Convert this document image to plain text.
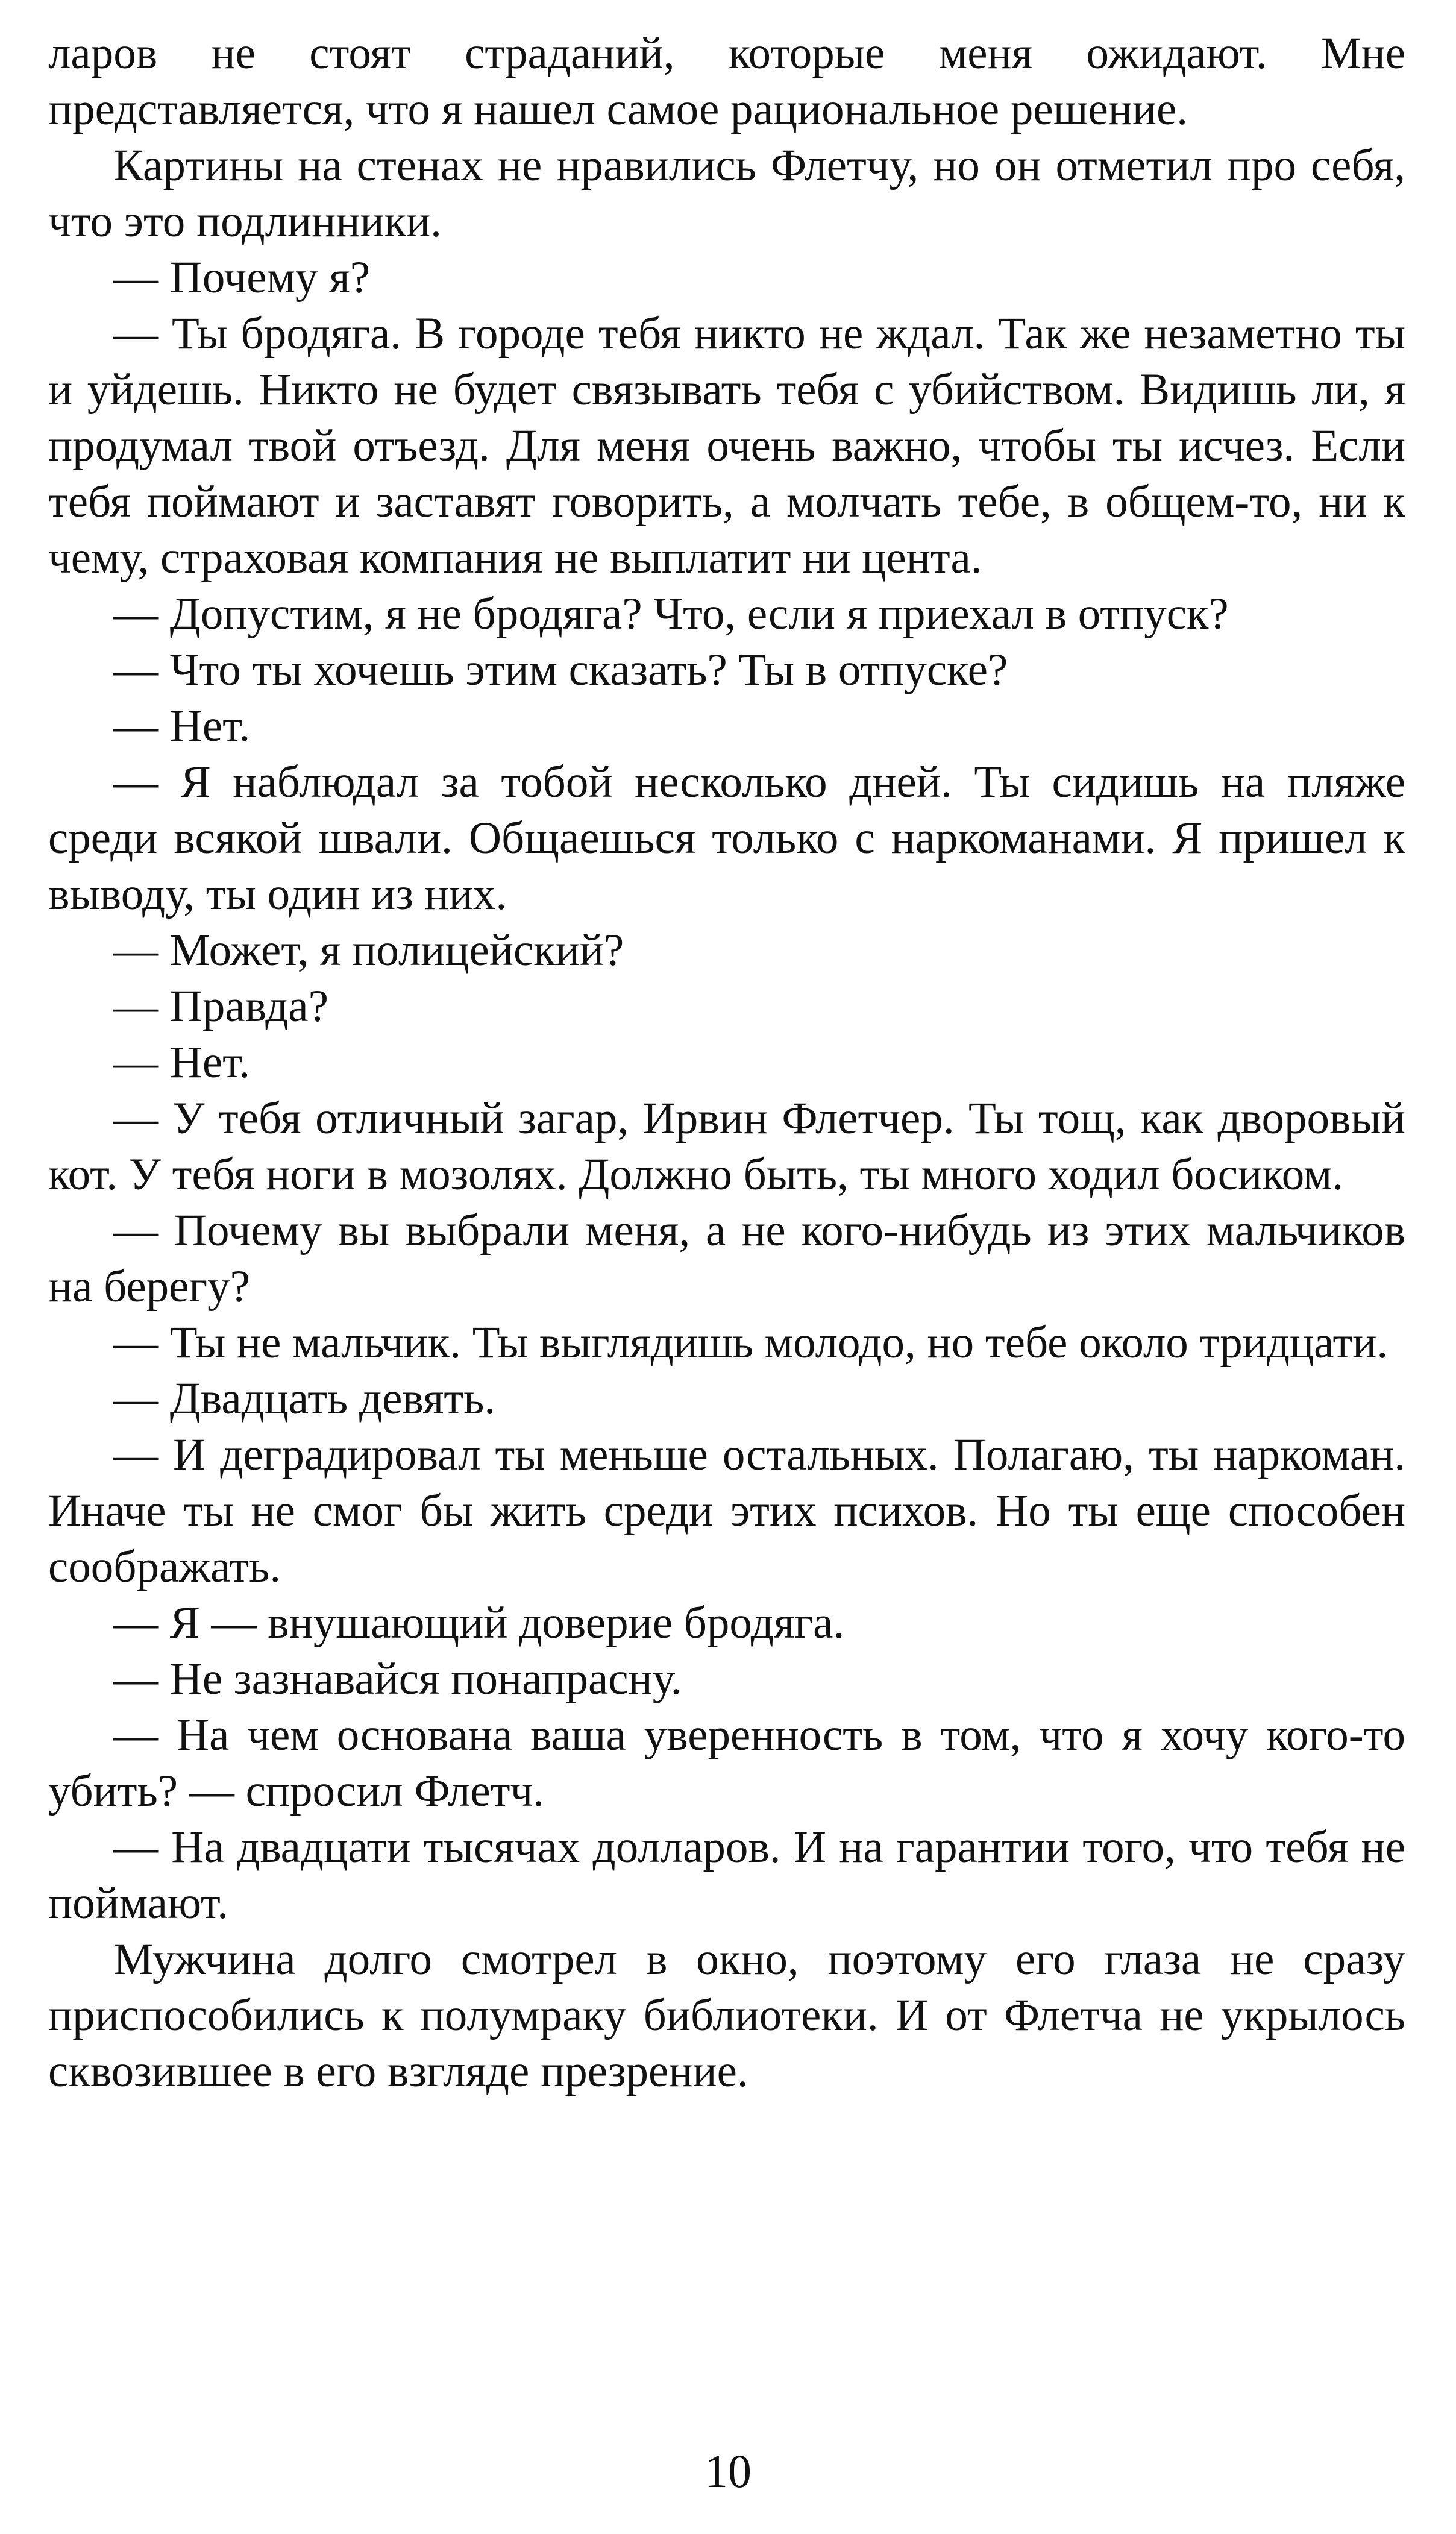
ларов не стоят страданий, которые меня ожидают. Мне представляется, что я нашел самое рациональное решение.

Картины на стенах не нравились Флетчу, но он отметил про себя, что это подлинники.

— Почему я?

— Ты бродяга. В городе тебя никто не ждал. Так же незаметно ты и уйдешь. Никто не будет связывать тебя с убийством. Видишь ли, я продумал твой отъезд. Для меня очень важно, чтобы ты исчез. Если тебя поймают и заставят говорить, а молчать тебе, в общем-то, ни к чему, страховая компания не выплатит ни цента.

— Допустим, я не бродяга? Что, если я приехал в отпуск?

— Что ты хочешь этим сказать? Ты в отпуске?

— Нет.

— Я наблюдал за тобой несколько дней. Ты сидишь на пляже среди всякой швали. Общаешься только с наркоманами. Я пришел к выводу, ты один из них.

— Может, я полицейский?

— Правда?

— Нет.

— У тебя отличный загар, Ирвин Флетчер. Ты тощ, как дворовый кот. У тебя ноги в мозолях. Должно быть, ты много ходил босиком.

— Почему вы выбрали меня, а не кого-нибудь из этих мальчиков на берегу?

— Ты не мальчик. Ты выглядишь молодо, но тебе около тридцати.

— Двадцать девять.

— И деградировал ты меньше остальных. Полагаю, ты наркоман. Иначе ты не смог бы жить среди этих психов. Но ты еще способен соображать.

— Я — внушающий доверие бродяга.

— Не зазнавайся понапрасну.

— На чем основана ваша уверенность в том, что я хочу кого-то убить? — спросил Флетч.

— На двадцати тысячах долларов. И на гарантии того, что тебя не поймают.

Мужчина долго смотрел в окно, поэтому его глаза не сразу приспособились к полумраку библиотеки. И от Флетча не укрылось сквозившее в его взгляде презрение.

10
